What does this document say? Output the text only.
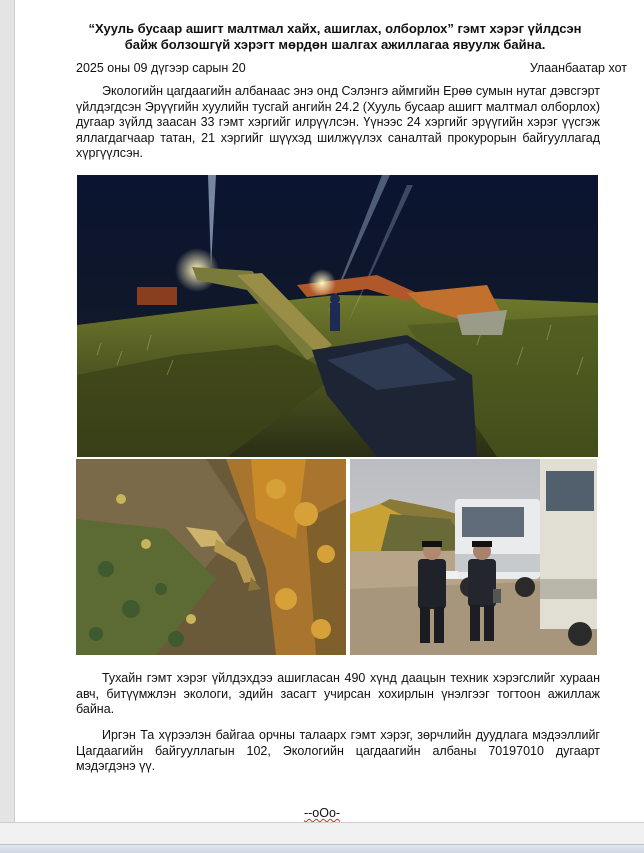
“Хууль бусаар ашигт малтмал хайх, ашиглах, олборлох” гэмт хэрэг үйлдсэн байж болзошгүй хэрэгт мөрдөн шалгах ажиллагаа явуулж байна.
2025 оны 09 дүгээр сарын 20	Улаанбаатар хот

Экологийн цагдаагийн албанаас энэ онд Сэлэнгэ аймгийн Ерөө сумын нутаг дэвсгэрт үйлдэгдсэн Эрүүгийн хуулийн тусгай ангийн 24.2 (Хууль бусаар ашигт малтмал олборлох) дугаар зүйлд заасан 33 гэмт хэргийг илрүүлсэн. Үүнээс 24 хэргийг эрүүгийн хэрэг үүсгэж яллагдагчаар татан, 21 хэргийг шүүхэд шилжүүлэх саналтай прокурорын байгууллагад хүргүүлсэн.

Тухайн гэмт хэрэг үйлдэхдээ ашигласан 490 хүнд даацын техник хэрэгслийг хураан авч, битүүмжлэн экологи, эдийн засагт учирсан хохирлын үнэлгээг тогтоон ажиллаж байна.

Иргэн Та хүрээлэн байгаа орчны талаарх гэмт хэрэг, зөрчлийн дуудлага мэдээллийг Цагдаагийн байгууллагын 102, Экологийн цагдаагийн албаны 70197010 дугаарт мэдэгдэнэ үү.

--оОо-
